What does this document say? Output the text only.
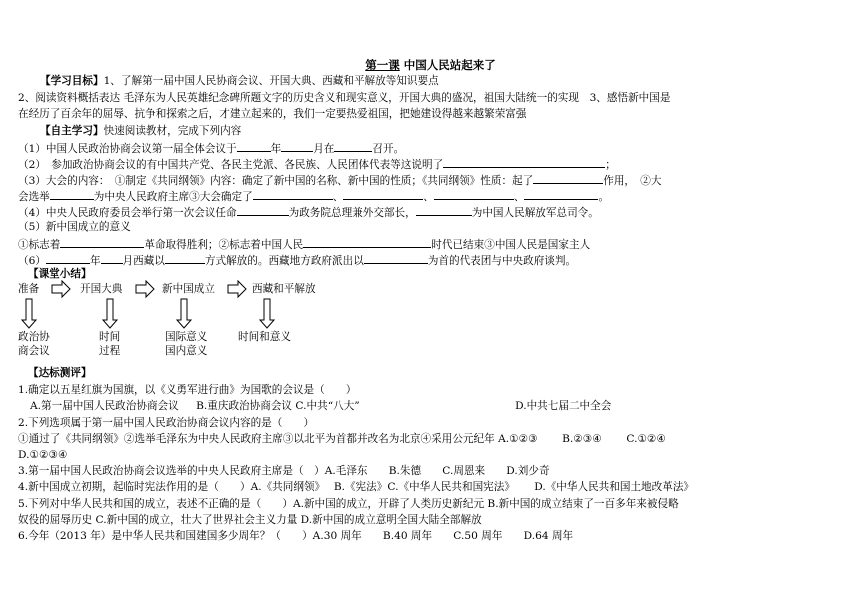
第一课 中国人民站起来了
【学习目标】1、了解第一届中国人民协商会议、开国大典、西藏和平解放等知识要点
2、阅读资料概括表达 毛泽东为人民英雄纪念碑所题文字的历史含义和现实意义，开国大典的盛况，祖国大陆统一的实现　3、感悟新中国是
在经历了百余年的屈辱、抗争和探索之后，才建立起来的，我们一定要热爱祖国，把她建设得越来越繁荣富强
【自主学习】快速阅读教材，完成下列内容
（1）中国人民政治协商会议第一届全体会议于	年	月在	召开。
（2）　参加政治协商会议的有中国共产党、各民主党派、各民族、人民团体代表等这说明了	；
（3）大会的内容：　①制定《共同纲领》内容：确定了新中国的名称、新中国的性质；《共同纲领》性质：起了	作用，　②大
会选举	为中央人民政府主席③大会确定了	、	、	、	。
（4）中央人民政府委员会举行第一次会议任命	为政务院总理兼外交部长，	为中国人民解放军总司令。
（5）新中国成立的意义
①标志着	革命取得胜利；②标志着中国人民	时代已结束③中国人民是国家主人
（6）	年 月西藏以	方式解放的。西藏地方政府派出以	为首的代表团与中央政府谈判。
【课堂小结】
准备	开国大典	新中国成立	西藏和平解放
政治协
商会议
时间
过程
国际意义
国内意义
时间和意义
【达标测评】
1.确定以五星红旗为国旗，以《义勇军进行曲》为国歌的会议是（　　）
A.第一届中国人民政治协商会议 B.重庆政治协商会议 C.中共“八大”	D.中共七届二中全会
2.下列选项属于第一届中国人民政治协商会议内容的是（　　）
①通过了《共同纲领》②选举毛泽东为中央人民政府主席③以北平为首都并改名为北京④采用公元纪年 A.①②③　　 B.②③④　　 C.①②④
D.①②③④
3.第一届中国人民政治协商会议选举的中央人民政府主席是（　）A.毛泽东　　B.朱德　　C.周恩来　　D.刘少奇
4.新中国成立初期，起临时宪法作用的是（　　）A.《共同纲领》　 B.《宪法》C.《中华人民共和国宪法》　　 D.《中华人民共和国土地改革法》
5.下列对中华人民共和国的成立，表述不正确的是（　　）A.新中国的成立，开辟了人类历史新纪元 B.新中国的成立结束了一百多年来被侵略
奴役的屈辱历史 C.新中国的成立，壮大了世界社会主义力量 D.新中国的成立意明全国大陆全部解放
6.今年（2013 年）是中华人民共和国建国多少周年？（　　）A.30 周年　　B.40 周年　　C.50 周年　　D.64 周年
